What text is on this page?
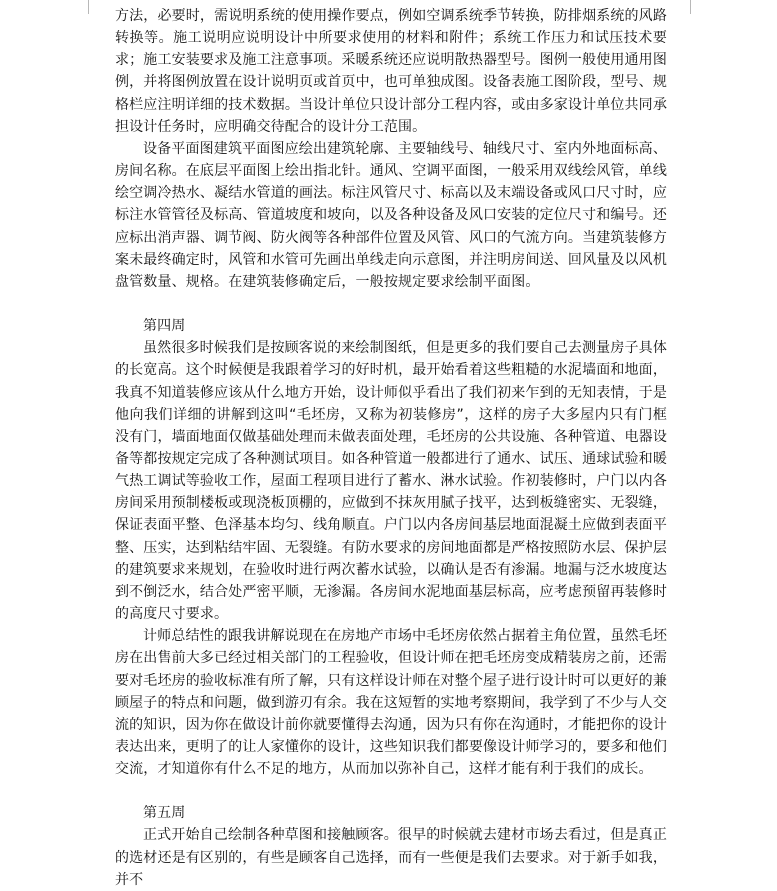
方法，必要时，需说明系统的使用操作要点，例如空调系统季节转换，防排烟系统的风路转换等。施工说明应说明设计中所要求使用的材料和附件；系统工作压力和试压技术要求；施工安装要求及施工注意事项。采暖系统还应说明散热器型号。图例一般使用通用图例，并将图例放置在设计说明页或首页中，也可单独成图。设备表施工图阶段，型号、规格栏应注明详细的技术数据。当设计单位只设计部分工程内容，或由多家设计单位共同承担设计任务时，应明确交待配合的设计分工范围。

设备平面图建筑平面图应绘出建筑轮廓、主要轴线号、轴线尺寸、室内外地面标高、房间名称。在底层平面图上绘出指北针。通风、空调平面图，一般采用双线绘风管，单线绘空调冷热水、凝结水管道的画法。标注风管尺寸、标高以及末端设备或风口尺寸时，应标注水管管径及标高、管道坡度和坡向，以及各种设备及风口安装的定位尺寸和编号。还应标出消声器、调节阀、防火阀等各种部件位置及风管、风口的气流方向。当建筑装修方案未最终确定时，风管和水管可先画出单线走向示意图，并注明房间送、回风量及以风机盘管数量、规格。在建筑装修确定后，一般按规定要求绘制平面图。

第四周

虽然很多时候我们是按顾客说的来绘制图纸，但是更多的我们要自己去测量房子具体的长宽高。这个时候便是我跟着学习的好时机，最开始看着这些粗糙的水泥墙面和地面，我真不知道装修应该从什么地方开始，设计师似乎看出了我们初来乍到的无知表情，于是他向我们详细的讲解到这叫“毛坯房，又称为初装修房”，这样的房子大多屋内只有门框没有门，墙面地面仅做基础处理而未做表面处理，毛坯房的公共设施、各种管道、电器设备等都按规定完成了各种测试项目。如各种管道一般都进行了通水、试压、通球试验和暖气热工调试等验收工作，屋面工程项目进行了蓄水、淋水试验。作初装修时，户门以内各房间采用预制楼板或现浇板顶棚的，应做到不抹灰用腻子找平，达到板缝密实、无裂缝，保证表面平整、色泽基本均匀、线角顺直。户门以内各房间基层地面混凝土应做到表面平整、压实，达到粘结牢固、无裂缝。有防水要求的房间地面都是严格按照防水层、保护层的建筑要求来规划，在验收时进行两次蓄水试验，以确认是否有渗漏。地漏与泛水坡度达到不倒泛水，结合处严密平顺，无渗漏。各房间水泥地面基层标高，应考虑预留再装修时的高度尺寸要求。

计师总结性的跟我讲解说现在在房地产市场中毛坯房依然占据着主角位置，虽然毛坯房在出售前大多已经过相关部门的工程验收，但设计师在把毛坯房变成精装房之前，还需要对毛坯房的验收标准有所了解，只有这样设计师在对整个屋子进行设计时可以更好的兼顾屋子的特点和问题，做到游刃有余。我在这短暂的实地考察期间，我学到了不少与人交流的知识，因为你在做设计前你就要懂得去沟通，因为只有你在沟通时，才能把你的设计表达出来，更明了的让人家懂你的设计，这些知识我们都要像设计师学习的，要多和他们交流，才知道你有什么不足的地方，从而加以弥补自己，这样才能有利于我们的成长。

第五周

正式开始自己绘制各种草图和接触顾客。很早的时候就去建材市场去看过，但是真正的选材还是有区别的，有些是顾客自己选择，而有一些便是我们去要求。对于新手如我，并不
